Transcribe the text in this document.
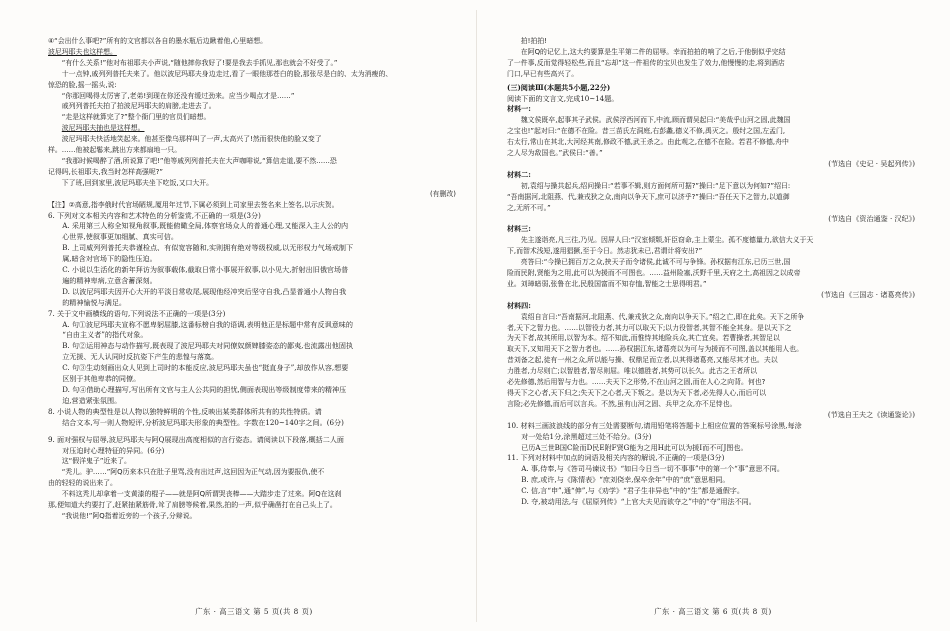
④“会出什么事吧?”所有的文官都以各自的墨水瓶后边瞅着他,心里暗想。

波尼玛耶夫也这样想。

“有什么关系!”他对布祖耶夫小声说,“随他摔你我好了!要是我去手抓见,那也就会不好受了。”

十一点钟,戚列列普托夫来了。他以波尼玛耶夫身边走过,看了一眼他那苍白的脸,那张尽是白的、太为消瘦的、

惊恐的脸,摇一摇头,说:

“你那回喝得太厉害了,老弟!到现在你还没有缓过劲来。应当少喝点才是……”

戚列列普托夫拍了拍波尼玛耶夫的肩膀,走进去了。

“走是这样就算完了?”整个衙门里的官员们暗想。

波尼玛耶夫抽也是这样想。

波尼玛耶夫快活地笑起来。他甚至像乌那样叫了一声,太高兴了!然而很快他的脸又变了

样。……他被起鬈来,跳出方来都扇地一只。

“我那时候喝醉了酒,所说算了吧!”他等戚列列普托夫在大声咖啡说,“算信走道,要不然……恐

记得吗,长祖耶夫,我当时怎样高强呢?”

下了班,回到家里,波尼玛耶夫坐下吃饭,又口大开。

(有删改)

【注】②高意,指李俄时代官场陋规,厦用年过节,下属必须到上司家里去签名来上签名,以示庆贺。

6. 下列对文本相关内容和艺术特色的分析鉴赏,不正确的一项是(3分)

A. 采用第三人称全知视角叙事,既能俯瞰全局,体察官场众人的普通心理,又能深入主人公的内

心世界,使叙事更加细腻、真实可信。

B. 上司威列列普托夫恭谨检点、有似宽容随和,实则拥有绝对等级权威,以无形权力气场戒制下

属,暗含对官场下的隐性压迫。

C. 小说以生活化的新年拜访为叙事载体,截取日常小事展开叙事,以小见大,折射出旧俄官场普

遍的精神卑病,立意含蓄深刻。

D. 以波尼玛耶夫因开心大开的平淡日常收尾,展现他经冲突后坚守自我,凸显普通小人物自我

的精神愉悦与满足。

7. 关于文中画横线的语句,下列说法不正确的一项是(3分)

A. 句①波尼玛耶夫宣称不愿卑躬屈膝,这番标榜自我的语调,表明他正是标题中常有反讽意味的

“自由主义者”的指代对象。

B. 句②运用神态与动作描写,既表现了波尼玛耶夫对同僚奴颜婢膝姿态的鄙夷,也流露出他固执

立无援、无人认同时反抗姿下产生的悲惶与落寞。

C. 句③生动刻画出众人见到上司时的本能反应,波尼玛耶夫虽也“挺直身子”,却放作从容,想要

区别于其他卑恭的同僚。

D. 句④借助心理描写,写出所有文官与主人公共同的担忧,侧面表现出等级制度带来的精神压

迫,营造紧张氛围。

8. 小说人物的典型性是以人物以独特鲜明的个性,反映出某类群体所共有的共性特质。请

结合文本,写一则人物短评,分析波尼玛耶夫形象的典型性。字数在120~140字之间。(6分)

9. 面对强权与屈辱,波尼玛耶夫与阿Q展现出高度相似的言行姿态。请阅读以下段落,概括二人面

对压迫时心理特征的异同。(6分)

这“假洋鬼子”近来了。

“秃儿。驴……”阿Q历来本只在肚子里骂,没有出过声,这回因为正气动,因为要报仇,使不

由的轻轻的说出来了。

不料这秃儿却拿着一支黄漆的棍子——就是阿Q所谓哭丧棒——大踏步走了过来。阿Q在这刹

那,便知道大约要打了,赶紧抽紧筋骨,耸了肩膀等候着,果然,拍的一声,似乎确凿打在自己头上了。

“我说他!”阿Q指着近旁的一个孩子,分辩说。

拍!拍拍!

在阿Q的记忆上,这大约要算是生平第二件的屈辱。幸而拍拍的响了之后,于他倒似乎完结

了一件事,反而觉得轻松些,而且“忘却”这一件祖传的宝贝也发生了效力,他慢慢的走,将到酒店

门口,早已有些高兴了。

(三)阅读Ⅲ(本题共5小题,22分)

阅读下面的文言文,完成10~14题。

材料一:

魏文侯既卒,起事其子武侯。武侯浮西河而下,中流,顾而谓吴起曰:“美哉乎山河之固,此魏国

之宝也!”起对曰:“在德不在险。昔三苗氏左洞庭,右彭蠡,德义不修,禹灭之。殷纣之国,左孟门,

右太行,常山在其北,大河经其南,修政不德,武王杀之。由此观之,在德不在险。若君不修德,舟中

之人尽为敌国也。”武侯曰:“善。”

(节选自《史记 · 吴起列传》)

材料二:

初,袁绍与操共起兵,绍问操曰:“若事不辑,则方面何所可据?”操曰:“足下意以为何如?”绍曰:

“吾南据河,北阻燕、代,兼戎狄之众,南向以争天下,庶可以济乎?”操曰:“吾任天下之智力,以道御

之,无所不可。”

(节选自《资治通鉴 · 汉纪》)

材料三:

先主遂诣亮,凡三往,乃见。因屏人曰:“汉室倾颓,奸臣窃命,主上蒙尘。孤不度德量力,欲信大义于天

下,而智术浅短,遂用猖獗,至于今日。然志犹未已,君谓计将安出?”

亮答曰:“今操已拥百万之众,挟天子而令诸侯,此诚不可与争锋。孙权据有江东,已历三世,国

险而民附,贤能为之用,此可以为援而不可图也。……益州险塞,沃野千里,天府之土,高祖因之以成帝

业。刘璋暗弱,张鲁在北,民殷国富而不知存恤,智能之士思得明君。”

(节选自《三国志 · 诸葛亮传》)

材料四:

袁绍自言曰:“吾南据河,北阻燕、代,兼戎狄之众,南向以争天下。”绍之亡,即在此矣。天下之所争

者,天下之智力也。……以智役力者,其力可以取天下;以力役智者,其智不能全其身。是以天下之

为天下者,故其所用,以智为本。绍不知此,而惟恃其地险兵众,其亡宜矣。若曹操者,其智足以

取天下,又知用天下之智力者也。……孙权据江东,诸葛亮以为可与为援而不可图,盖以其能用人也。

昔刘备之起,徒有一州之众,所以能与操、权鼎足而立者,以其得诸葛亮,又能尽其才也。夫以

力胜者,力尽则亡;以智胜者,智尽则屈。唯以德胜者,其势可以长久。此古之王者所以

必先修德,然后用智与力也。……夫天下之形势,不在山河之固,而在人心之向背。何也?

得天下之心者,天下归之;失天下之心者,天下叛之。是以为天下者,必先得人心,而后可以

言险;必先修德,而后可以言兵。不然,虽有山河之固、兵甲之众,亦不足恃也。

(节选自王夫之《读通鉴论》)

10. 材料三画波浪线的部分有三处需要断句,请用铅笔将答题卡上相应位置的答案标号涂黑,每涂

对一处给1分,涂黑超过三处不给分。(3分)

已历A三世B国C险而D民E附F贤G能为之用H此可以为援I而不可J图也。

11. 下列对材料中加点的词语及相关内容的解说,不正确的一项是(3分)

A. 事,侍奉,与《答司马谏议书》“如曰今日当一切不事事”中的第一个“事”意思不同。

B. 庶,或许,与《陈情表》“庶刘侥幸,保卒余年”中的“庶”意思相同。

C. 信,言“申”,通“伸”,与《劝学》“君子生非异也”中的“生”都是通假字。

D. 夺,被动用法,与《屈原列传》“上官大夫见而欲夺之”中的“夺”用法不同。

广东 · 高三语文 第 5 页(共 8 页)	广东 · 高三语文 第 6 页(共 8 页)
